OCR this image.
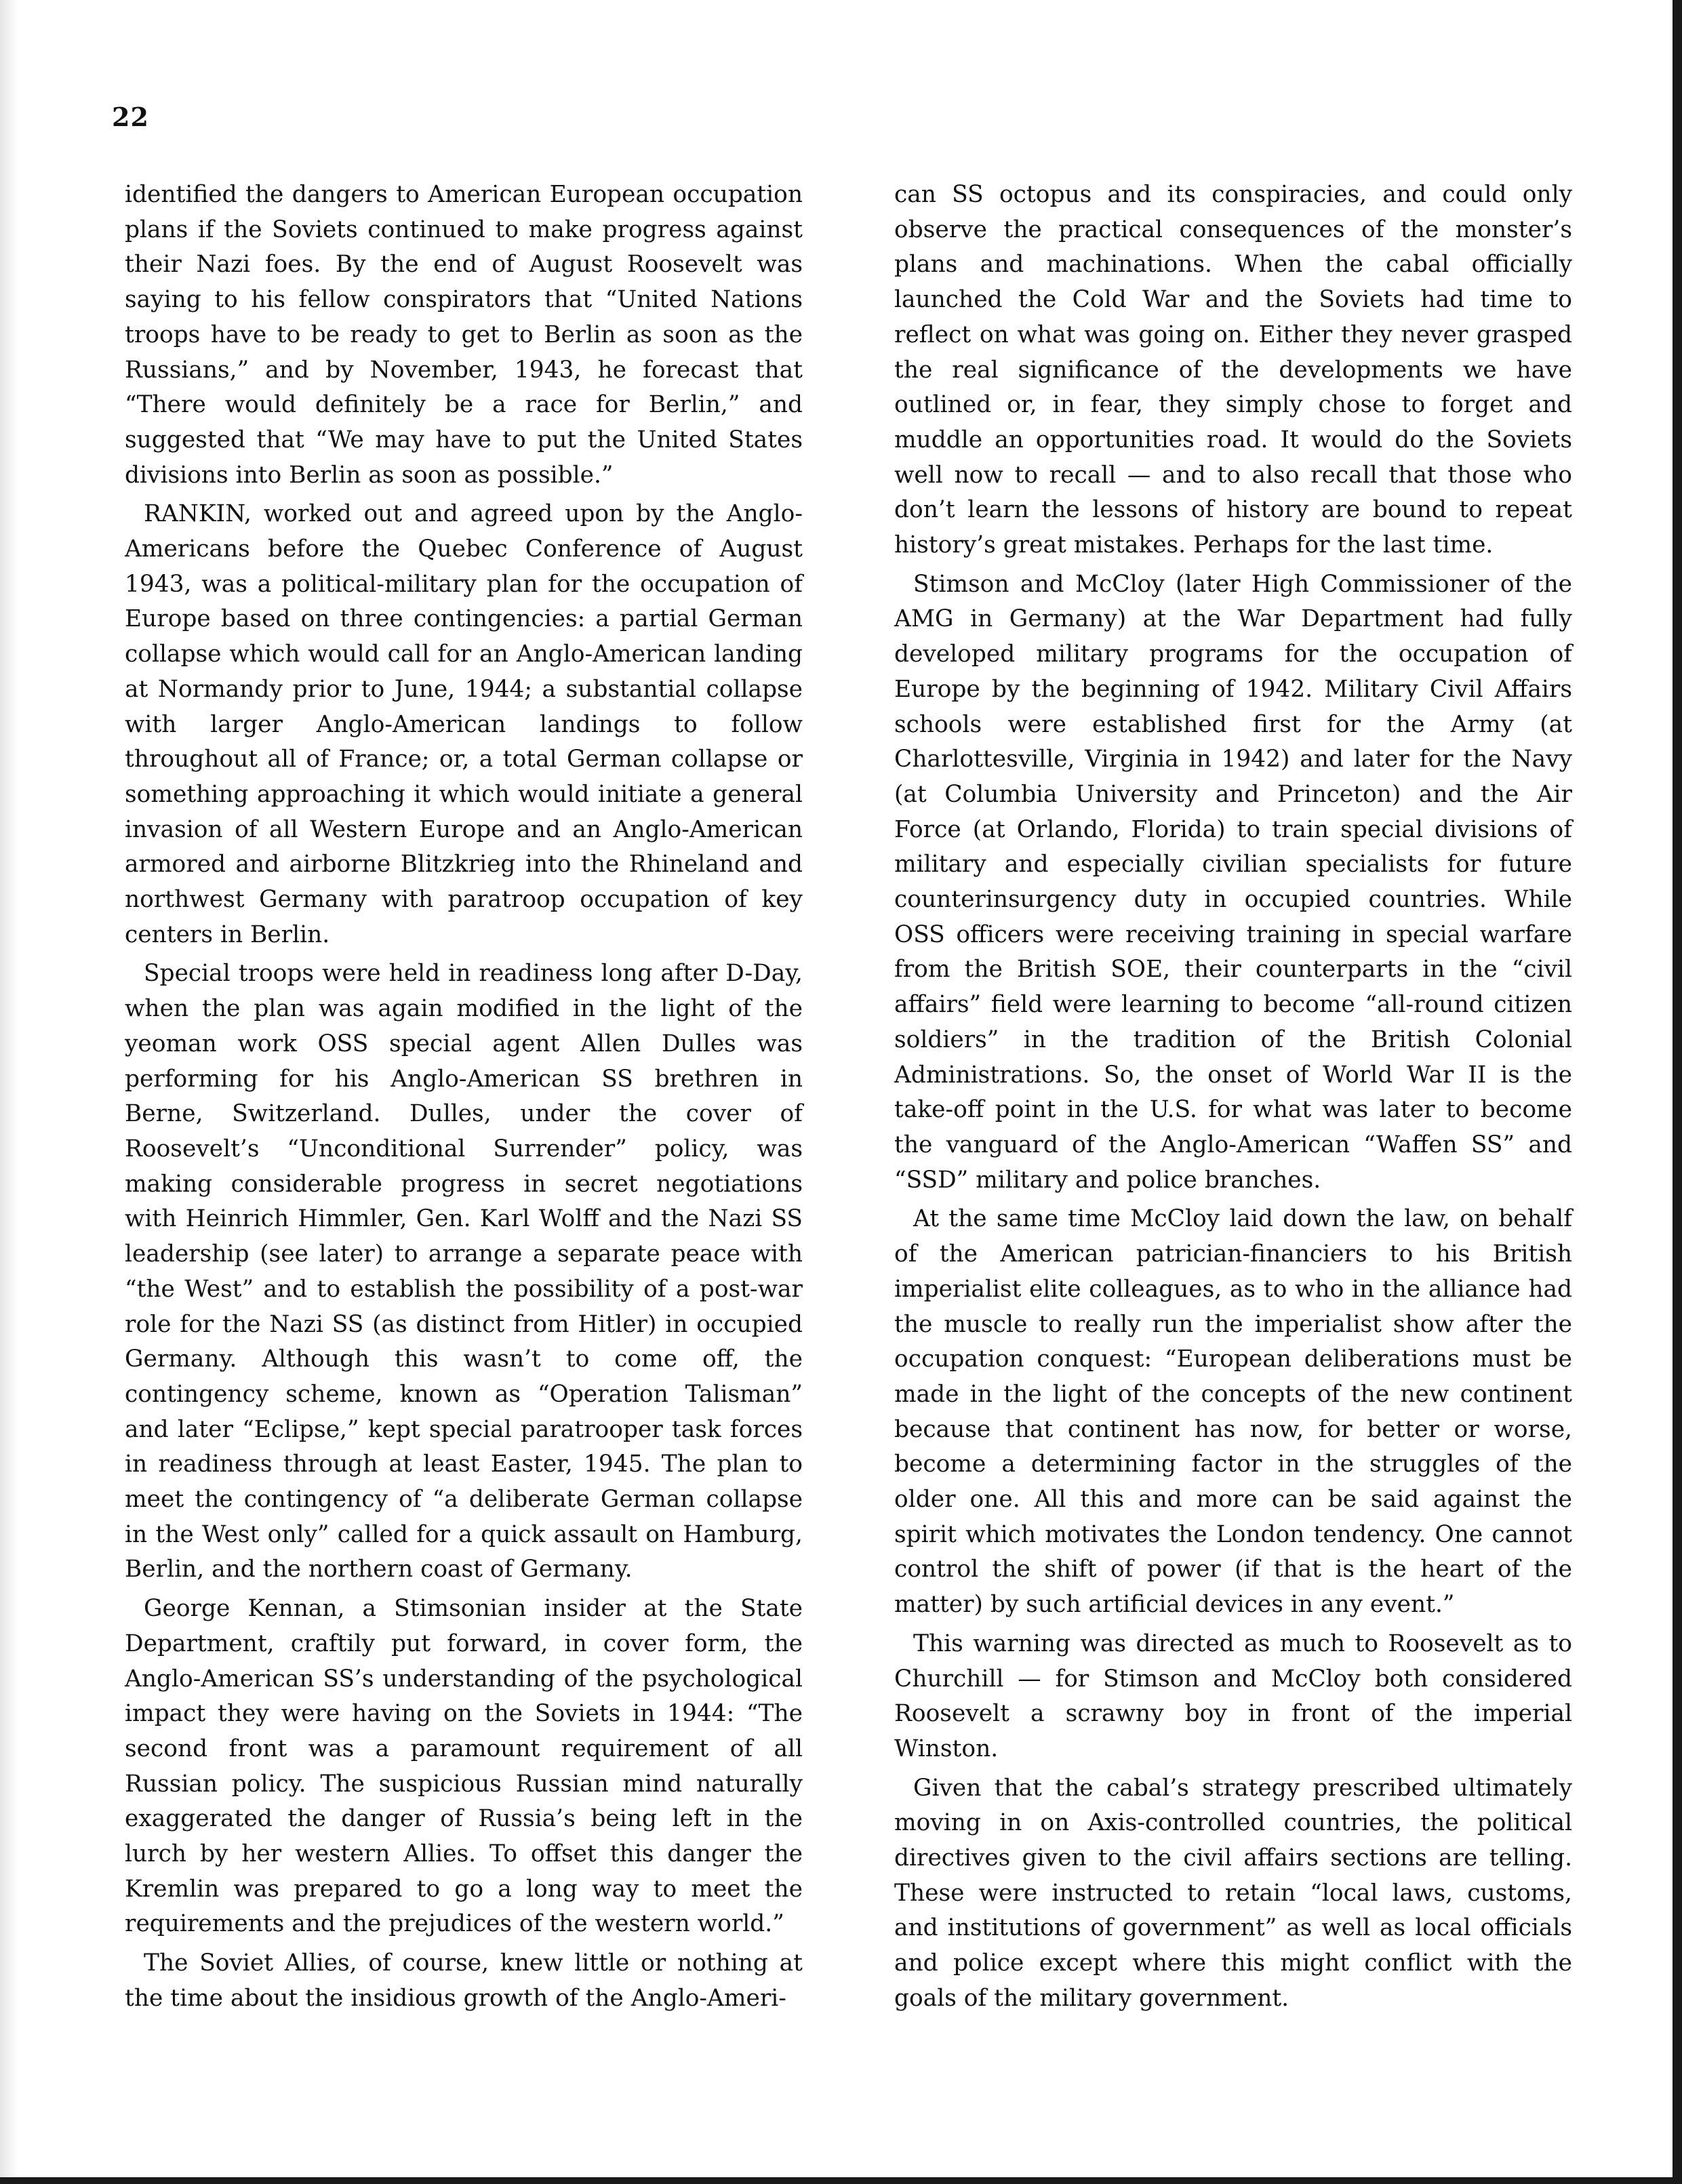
22

identified the dangers to American European occupation plans if the Soviets continued to make progress against their Nazi foes. By the end of August Roosevelt was saying to his fellow conspirators that “United Nations troops have to be ready to get to Berlin as soon as the Russians,” and by November, 1943, he forecast that “There would definitely be a race for Berlin,” and suggested that “We may have to put the United States divisions into Berlin as soon as possible.”

RANKIN, worked out and agreed upon by the Anglo-Americans before the Quebec Conference of August 1943, was a political-military plan for the occupation of Europe based on three contingencies: a partial German collapse which would call for an Anglo-American landing at Normandy prior to June, 1944; a substantial collapse with larger Anglo-American landings to follow throughout all of France; or, a total German collapse or something approaching it which would initiate a general invasion of all Western Europe and an Anglo-American armored and airborne Blitzkrieg into the Rhineland and northwest Germany with paratroop occupation of key centers in Berlin.

Special troops were held in readiness long after D-Day, when the plan was again modified in the light of the yeoman work OSS special agent Allen Dulles was performing for his Anglo-American SS brethren in Berne, Switzerland. Dulles, under the cover of Roosevelt’s “Unconditional Surrender” policy, was making considerable progress in secret negotiations with Heinrich Himmler, Gen. Karl Wolff and the Nazi SS leadership (see later) to arrange a separate peace with “the West” and to establish the possibility of a post-war role for the Nazi SS (as distinct from Hitler) in occupied Germany. Although this wasn’t to come off, the contingency scheme, known as “Operation Talisman” and later “Eclipse,” kept special paratrooper task forces in readiness through at least Easter, 1945. The plan to meet the contingency of “a deliberate German collapse in the West only” called for a quick assault on Hamburg, Berlin, and the northern coast of Germany.

George Kennan, a Stimsonian insider at the State Department, craftily put forward, in cover form, the Anglo-American SS’s understanding of the psychological impact they were having on the Soviets in 1944: “The second front was a paramount requirement of all Russian policy. The suspicious Russian mind naturally exaggerated the danger of Russia’s being left in the lurch by her western Allies. To offset this danger the Kremlin was prepared to go a long way to meet the requirements and the prejudices of the western world.”

The Soviet Allies, of course, knew little or nothing at the time about the insidious growth of the Anglo-Ameri-

can SS octopus and its conspiracies, and could only observe the practical consequences of the monster’s plans and machinations. When the cabal officially launched the Cold War and the Soviets had time to reflect on what was going on. Either they never grasped the real significance of the developments we have outlined or, in fear, they simply chose to forget and muddle an opportunities road. It would do the Soviets well now to recall — and to also recall that those who don’t learn the lessons of history are bound to repeat history’s great mistakes. Perhaps for the last time.

Stimson and McCloy (later High Commissioner of the AMG in Germany) at the War Department had fully developed military programs for the occupation of Europe by the beginning of 1942. Military Civil Affairs schools were established first for the Army (at Charlottesville, Virginia in 1942) and later for the Navy (at Columbia University and Princeton) and the Air Force (at Orlando, Florida) to train special divisions of military and especially civilian specialists for future counterinsurgency duty in occupied countries. While OSS officers were receiving training in special warfare from the British SOE, their counterparts in the “civil affairs” field were learning to become “all-round citizen soldiers” in the tradition of the British Colonial Administrations. So, the onset of World War II is the take-off point in the U.S. for what was later to become the vanguard of the Anglo-American “Waffen SS” and “SSD” military and police branches.

At the same time McCloy laid down the law, on behalf of the American patrician-financiers to his British imperialist elite colleagues, as to who in the alliance had the muscle to really run the imperialist show after the occupation conquest: “European deliberations must be made in the light of the concepts of the new continent because that continent has now, for better or worse, become a determining factor in the struggles of the older one. All this and more can be said against the spirit which motivates the London tendency. One cannot control the shift of power (if that is the heart of the matter) by such artificial devices in any event.”

This warning was directed as much to Roosevelt as to Churchill — for Stimson and McCloy both considered Roosevelt a scrawny boy in front of the imperial Winston.

Given that the cabal’s strategy prescribed ultimately moving in on Axis-controlled countries, the political directives given to the civil affairs sections are telling. These were instructed to retain “local laws, customs, and institutions of government” as well as local officials and police except where this might conflict with the goals of the military government.
